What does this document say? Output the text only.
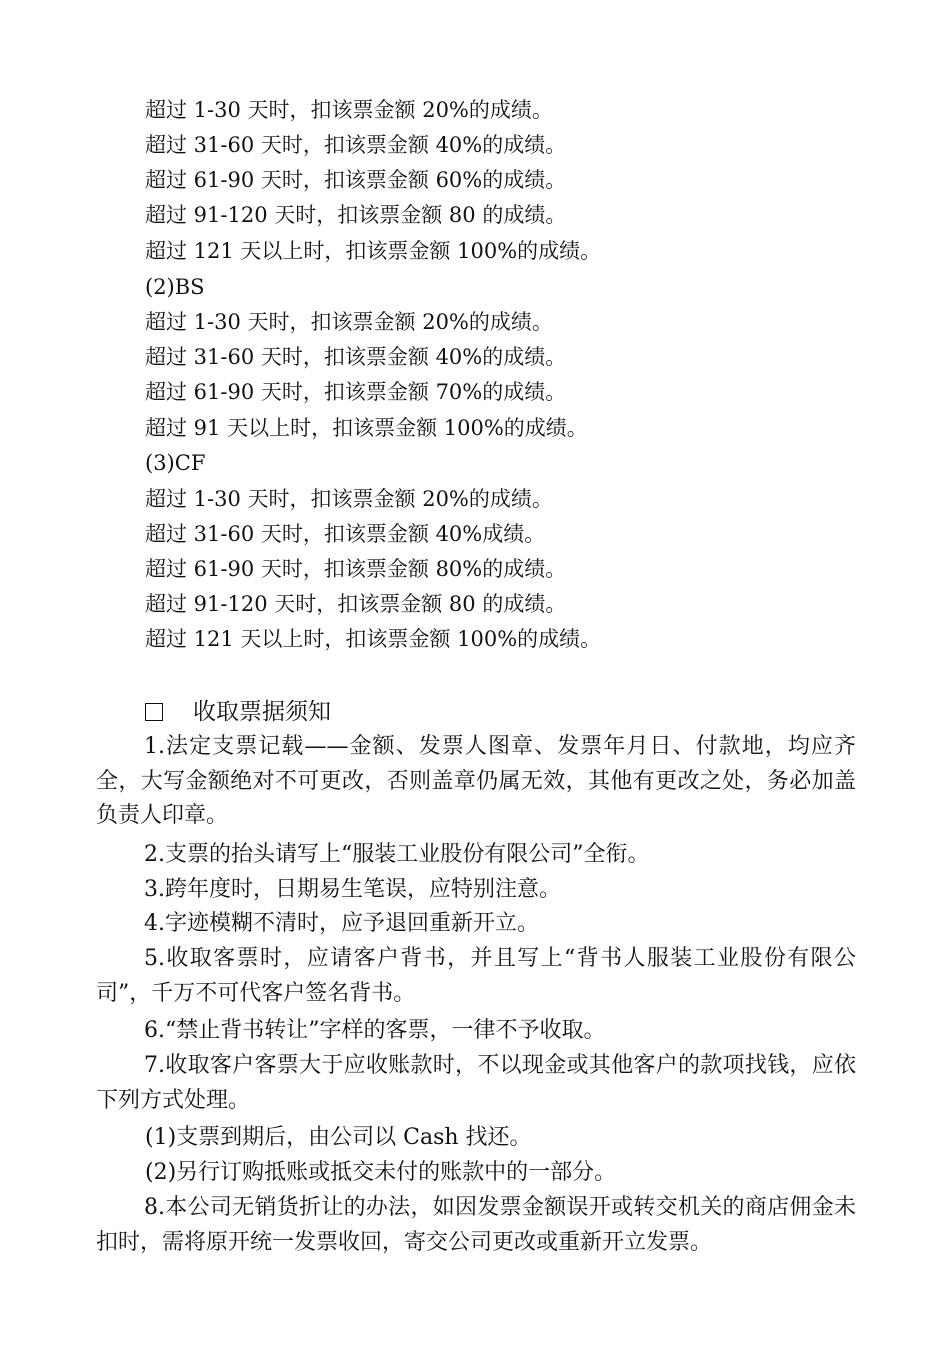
超过 1-30 天时，扣该票金额 20%的成绩。
超过 31-60 天时，扣该票金额 40%的成绩。
超过 61-90 天时，扣该票金额 60%的成绩。
超过 91-120 天时，扣该票金额 80 的成绩。
超过 121 天以上时，扣该票金额 100%的成绩。
(2)BS
超过 1-30 天时，扣该票金额 20%的成绩。
超过 31-60 天时，扣该票金额 40%的成绩。
超过 61-90 天时，扣该票金额 70%的成绩。
超过 91 天以上时，扣该票金额 100%的成绩。
(3)CF
超过 1-30 天时，扣该票金额 20%的成绩。
超过 31-60 天时，扣该票金额 40%成绩。
超过 61-90 天时，扣该票金额 80%的成绩。
超过 91-120 天时，扣该票金额 80 的成绩。
超过 121 天以上时，扣该票金额 100%的成绩。
收取票据须知
1.法定支票记载——金额、发票人图章、发票年月日、付款地，均应齐全，大写金额绝对不可更改，否则盖章仍属无效，其他有更改之处，务必加盖负责人印章。
2.支票的抬头请写上“服装工业股份有限公司”全衔。
3.跨年度时，日期易生笔误，应特别注意。
4.字迹模糊不清时，应予退回重新开立。
5.收取客票时，应请客户背书，并且写上“背书人服装工业股份有限公司”，千万不可代客户签名背书。
6.“禁止背书转让”字样的客票，一律不予收取。
7.收取客户客票大于应收账款时，不以现金或其他客户的款项找钱，应依下列方式处理。
(1)支票到期后，由公司以 Cash 找还。
(2)另行订购抵账或抵交未付的账款中的一部分。
8.本公司无销货折让的办法，如因发票金额误开或转交机关的商店佣金未扣时，需将原开统一发票收回，寄交公司更改或重新开立发票。
